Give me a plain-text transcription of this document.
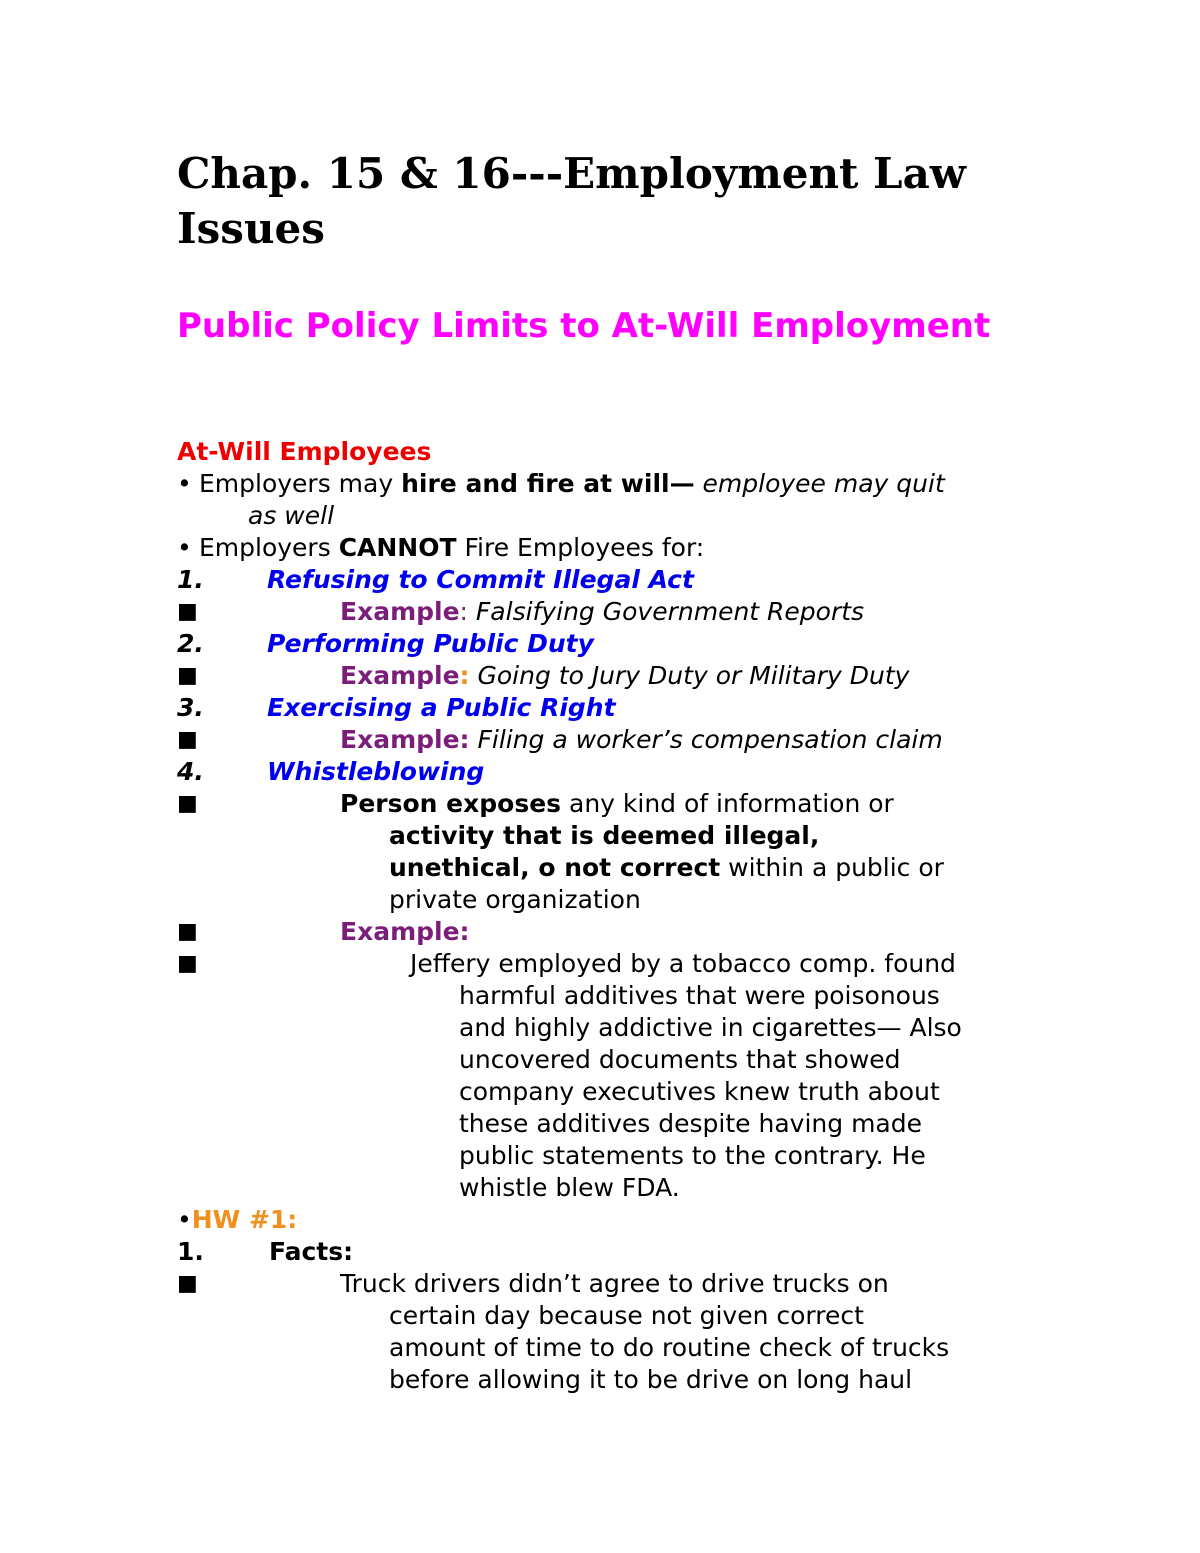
Chap. 15 & 16---Employment Law Issues
Public Policy Limits to At-Will Employment
At-Will Employees
• Employers may hire and fire at will— employee may quit
as well
• Employers CANNOT Fire Employees for:
1.	Refusing to Commit Illegal Act
■	Example: Falsifying Government Reports
2.	Performing Public Duty
■	Example: Going to Jury Duty or Military Duty
3.	Exercising a Public Right
■	Example: Filing a worker’s compensation claim
4.	Whistleblowing
■	Person exposes any kind of information or
activity that is deemed illegal,
unethical, o not correct within a public or
private organization
■	Example:
■	Jeffery employed by a tobacco comp. found
harmful additives that were poisonous
and highly addictive in cigarettes— Also
uncovered documents that showed
company executives knew truth about
these additives despite having made
public statements to the contrary. He
whistle blew FDA.
•HW #1:
1.	Facts:
■	Truck drivers didn’t agree to drive trucks on
certain day because not given correct
amount of time to do routine check of trucks
before allowing it to be drive on long haul
